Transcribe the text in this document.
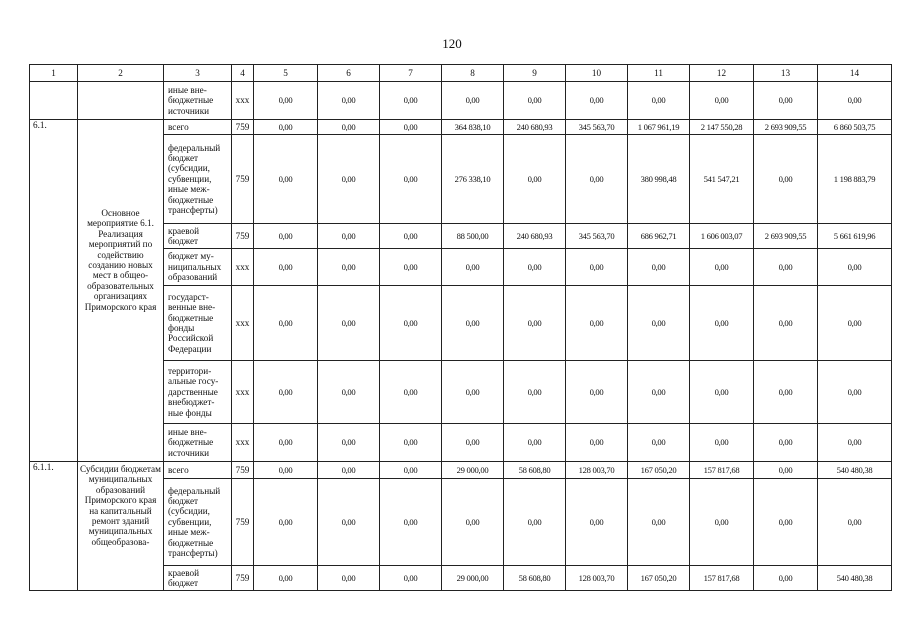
120
1	2	3	4	5	6	7	8	9	10	11	12	13	14
		иные вне-бюджетные источники	xxx	0,00	0,00	0,00	0,00	0,00	0,00	0,00	0,00	0,00	0,00
6.1.	Основное мероприятие 6.1. Реализация мероприятий по содействию созданию новых мест в общео-образовательных организациях Приморского края	всего	759	0,00	0,00	0,00	364 838,10	240 680,93	345 563,70	1 067 961,19	2 147 550,28	2 693 909,55	6 860 503,75
		федеральный бюджет (субсидии, субвенции, иные меж-бюджетные трансферты)	759	0,00	0,00	0,00	276 338,10	0,00	0,00	380 998,48	541 547,21	0,00	1 198 883,79
		краевой бюджет	759	0,00	0,00	0,00	88 500,00	240 680,93	345 563,70	686 962,71	1 606 003,07	2 693 909,55	5 661 619,96
		бюджет му-ниципальных образований	xxx	0,00	0,00	0,00	0,00	0,00	0,00	0,00	0,00	0,00	0,00
		государст-венные вне-бюджетные фонды Российской Федерации	xxx	0,00	0,00	0,00	0,00	0,00	0,00	0,00	0,00	0,00	0,00
		территори-альные госу-дарственные внебюджет-ные фонды	xxx	0,00	0,00	0,00	0,00	0,00	0,00	0,00	0,00	0,00	0,00
		иные вне-бюджетные источники	xxx	0,00	0,00	0,00	0,00	0,00	0,00	0,00	0,00	0,00	0,00
6.1.1.	Субсидии бюджетам муниципальных образований Приморского края на капитальный ремонт зданий муниципальных общеобразова-	всего	759	0,00	0,00	0,00	29 000,00	58 608,80	128 003,70	167 050,20	157 817,68	0,00	540 480,38
		федеральный бюджет (субсидии, субвенции, иные меж-бюджетные трансферты)	759	0,00	0,00	0,00	0,00	0,00	0,00	0,00	0,00	0,00	0,00
		краевой бюджет	759	0,00	0,00	0,00	29 000,00	58 608,80	128 003,70	167 050,20	157 817,68	0,00	540 480,38
